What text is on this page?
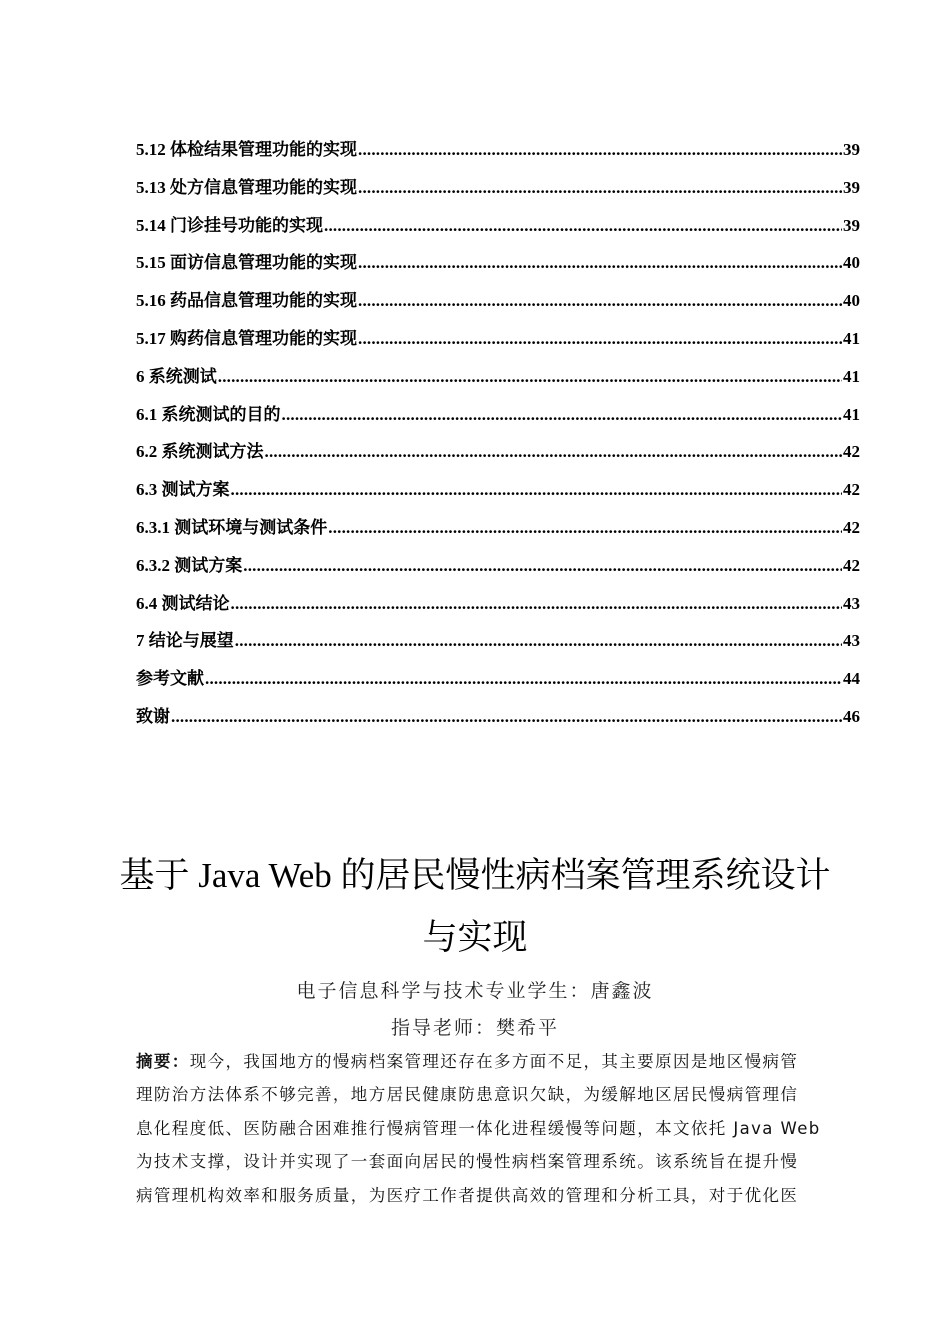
5.12 体检结果管理功能的实现 .....	39
5.13 处方信息管理功能的实现 .....	39
5.14 门诊挂号功能的实现 .....	39
5.15 面访信息管理功能的实现 .....	40
5.16 药品信息管理功能的实现 .....	40
5.17 购药信息管理功能的实现 .....	41
6 系统测试 .....	41
6.1 系统测试的目的 .....	41
6.2 系统测试方法 .....	42
6.3 测试方案 .....	42
6.3.1 测试环境与测试条件 .....	42
6.3.2 测试方案 .....	42
6.4 测试结论 .....	43
7 结论与展望 .....	43
参考文献 .....	44
致谢 .....	46
基于 Java Web 的居民慢性病档案管理系统设计
与实现
电子信息科学与技术专业学生：唐鑫波
指导老师：樊希平
摘要：现今，我国地方的慢病档案管理还存在多方面不足，其主要原因是地区慢病管
理防治方法体系不够完善，地方居民健康防患意识欠缺，为缓解地区居民慢病管理信
息化程度低、医防融合困难推行慢病管理一体化进程缓慢等问题，本文依托 Java Web
为技术支撑，设计并实现了一套面向居民的慢性病档案管理系统。该系统旨在提升慢
病管理机构效率和服务质量，为医疗工作者提供高效的管理和分析工具，对于优化医
